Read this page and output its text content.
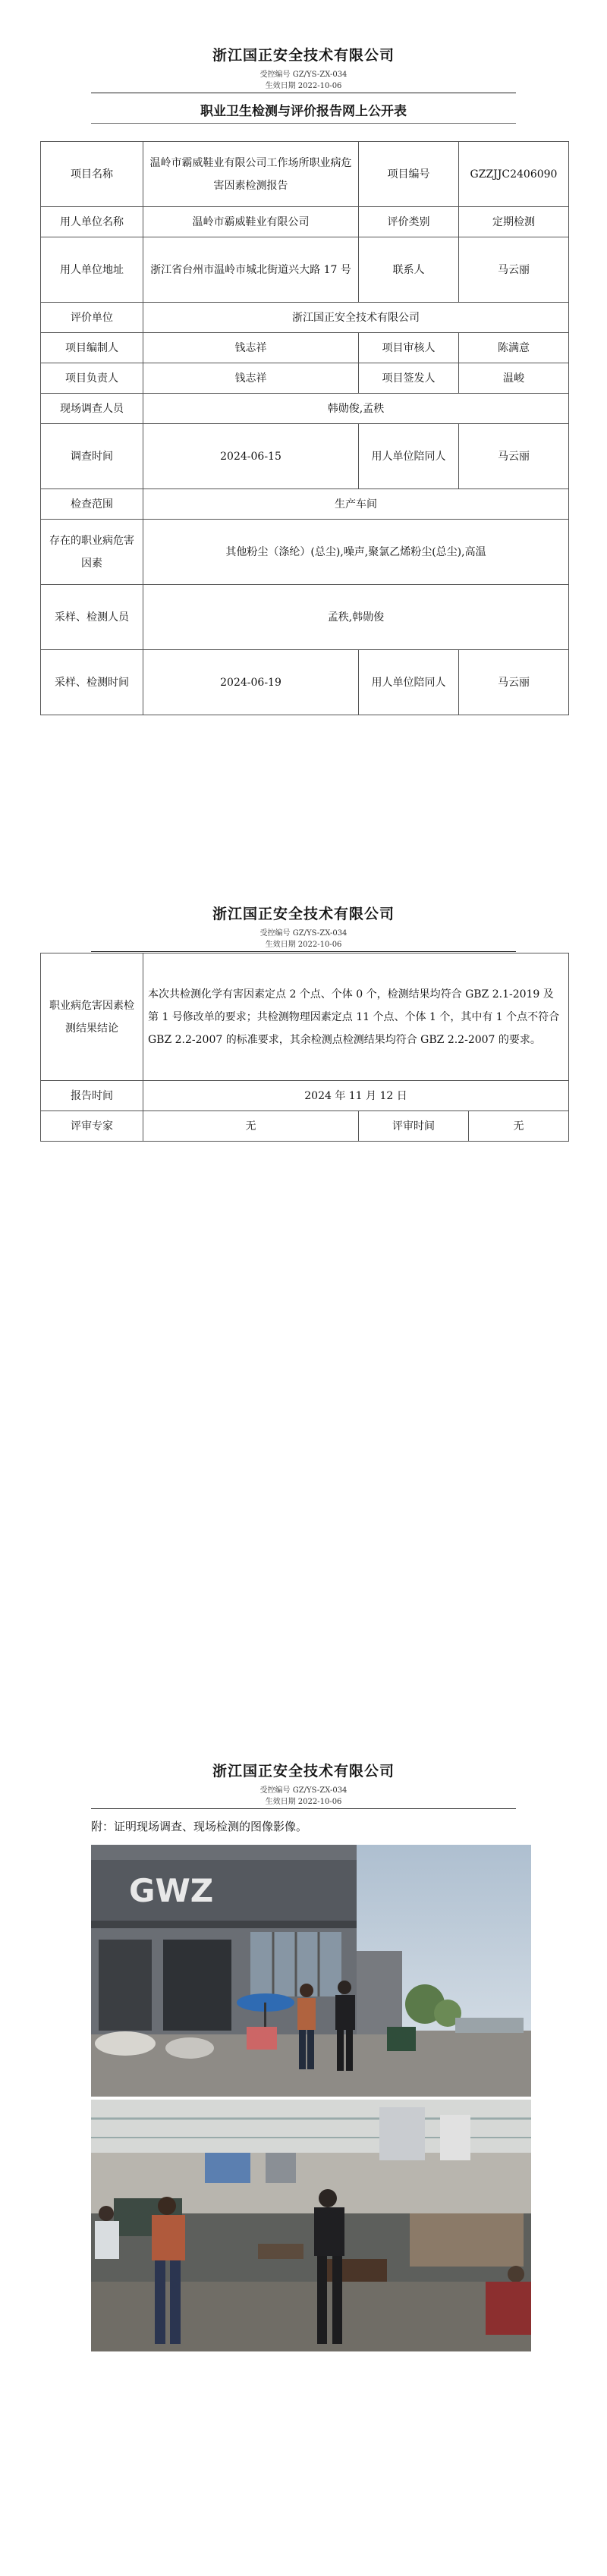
浙江国正安全技术有限公司
受控编号 GZ/YS-ZX-034
生效日期 2022-10-06
职业卫生检测与评价报告网上公开表
项目名称	温岭市霸威鞋业有限公司工作场所职业病危害因素检测报告	项目编号	GZZJJC2406090
用人单位名称	温岭市霸威鞋业有限公司	评价类别	定期检测
用人单位地址	浙江省台州市温岭市城北街道兴大路 17 号	联系人	马云丽
评价单位	浙江国正安全技术有限公司		
项目编制人	钱志祥	项目审核人	陈满意
项目负责人	钱志祥	项目签发人	温峻
现场调查人员	韩勋俊,孟秩		
调查时间	2024-06-15	用人单位陪同人	马云丽
检查范围	生产车间		
存在的职业病危害因素	其他粉尘（涤纶）(总尘),噪声,聚氯乙烯粉尘(总尘),高温		
采样、检测人员	孟秩,韩勋俊		
采样、检测时间	2024-06-19	用人单位陪同人	马云丽
浙江国正安全技术有限公司
受控编号 GZ/YS-ZX-034
生效日期 2022-10-06
职业病危害因素检测结果结论	本次共检测化学有害因素定点 2 个点、个体 0 个，检测结果均符合 GBZ 2.1-2019 及第 1 号修改单的要求；共检测物理因素定点 11 个点、个体 1 个，其中有 1 个点不符合 GBZ 2.2-2007 的标准要求，其余检测点检测结果均符合 GBZ 2.2-2007 的要求。		
报告时间	2024 年 11 月 12 日		
评审专家	无	评审时间	无
浙江国正安全技术有限公司
受控编号 GZ/YS-ZX-034
生效日期 2022-10-06
附：证明现场调查、现场检测的图像影像。
GWZ
